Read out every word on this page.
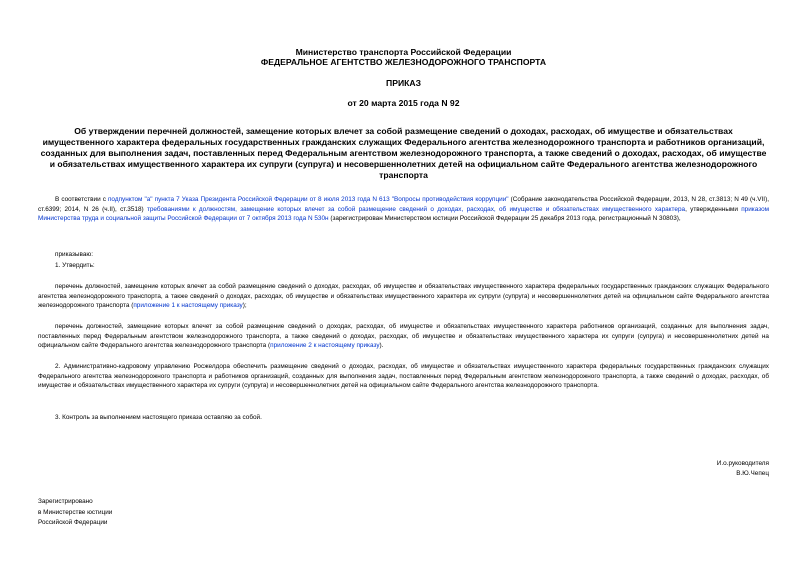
Министерство транспорта Российской Федерации
ФЕДЕРАЛЬНОЕ АГЕНТСТВО ЖЕЛЕЗНОДОРОЖНОГО ТРАНСПОРТА
ПРИКАЗ
от 20 марта 2015 года N 92
Об утверждении перечней должностей, замещение которых влечет за собой размещение сведений о доходах, расходах, об имуществе и обязательствах имущественного характера федеральных государственных гражданских служащих Федерального агентства железнодорожного транспорта и работников организаций, созданных для выполнения задач, поставленных перед Федеральным агентством железнодорожного транспорта, а также сведений о доходах, расходах, об имуществе и обязательствах имущественного характера их супруги (супруга) и несовершеннолетних детей на официальном сайте Федерального агентства железнодорожного транспорта
В соответствии с подпунктом "а" пункта 7 Указа Президента Российской Федерации от 8 июля 2013 года N 613 "Вопросы противодействия коррупции" (Собрание законодательства Российской Федерации, 2013, N 28, ст.3813; N 49 (ч.VII), ст.6399; 2014, N 26 (ч.II), ст.3518) требованиями к должностям, замещение которых влечет за собой размещение сведений о доходах, расходах, об имуществе и обязательствах имущественного характера, утвержденными приказом Министерства труда и социальной защиты Российской Федерации от 7 октября 2013 года N 530н (зарегистрирован Министерством юстиции Российской Федерации 25 декабря 2013 года, регистрационный N 30803),
приказываю:
1. Утвердить:
перечень должностей, замещение которых влечет за собой размещение сведений о доходах, расходах, об имуществе и обязательствах имущественного характера федеральных государственных гражданских служащих Федерального агентства железнодорожного транспорта, а также сведений о доходах, расходах, об имуществе и обязательствах имущественного характера их супруги (супруга) и несовершеннолетних детей на официальном сайте Федерального агентства железнодорожного транспорта (приложение 1 к настоящему приказу);
перечень должностей, замещение которых влечет за собой размещение сведений о доходах, расходах, об имуществе и обязательствах имущественного характера работников организаций, созданных для выполнения задач, поставленных перед Федеральным агентством железнодорожного транспорта, а также сведений о доходах, расходах, об имуществе и обязательствах имущественного характера их супруги (супруга) и несовершеннолетних детей на официальном сайте Федерального агентства железнодорожного транспорта (приложение 2 к настоящему приказу).
2. Административно-кадровому управлению Росжелдора обеспечить размещение сведений о доходах, расходах, об имуществе и обязательствах имущественного характера федеральных государственных гражданских служащих Федерального агентства железнодорожного транспорта и работников организаций, созданных для выполнения задач, поставленных перед Федеральным агентством железнодорожного транспорта, а также сведений о доходах, расходах, об имуществе и обязательствах имущественного характера их супруги (супруга) и несовершеннолетних детей на официальном сайте Федерального агентства железнодорожного транспорта.
3. Контроль за выполнением настоящего приказа оставляю за собой.
И.о.руководителя
В.Ю.Чепец
Зарегистрировано
в Министерстве юстиции
Российской Федерации
